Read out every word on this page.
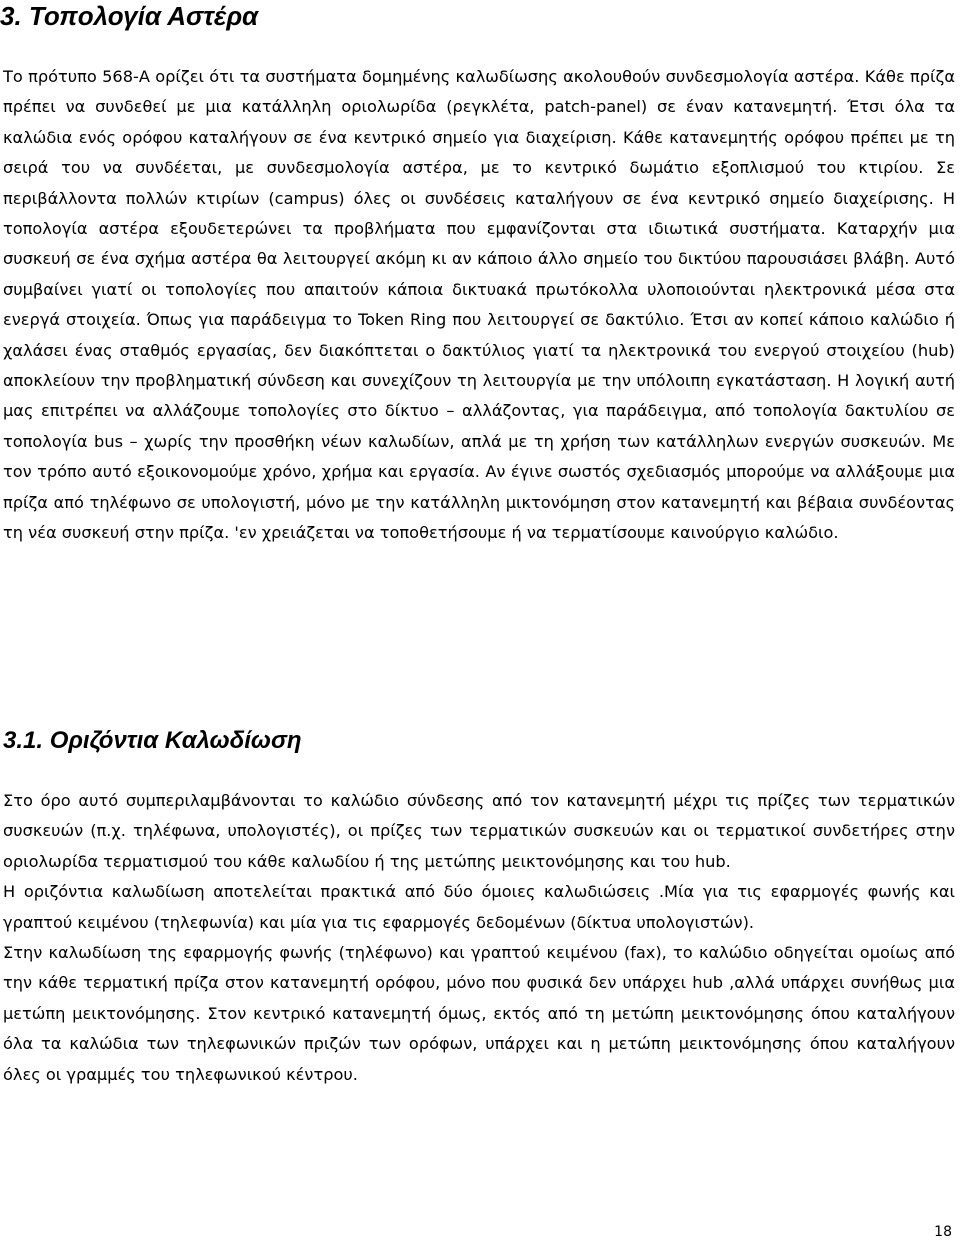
3. Τοπολογία Αστέρα

Το πρότυπο 568-Α ορίζει ότι τα συστήματα δομημένης καλωδίωσης ακολουθούν συνδεσμολογία αστέρα. Κάθε πρίζα πρέπει να συνδεθεί με μια κατάλληλη οριολωρίδα (ρεγκλέτα, patch-panel) σε έναν κατανεμητή. Έτσι όλα τα καλώδια ενός ορόφου καταλήγουν σε ένα κεντρικό σημείο για διαχείριση. Κάθε κατανεμητής ορόφου πρέπει με τη σειρά του να συνδέεται, με συνδεσμολογία αστέρα, με το κεντρικό δωμάτιο εξοπλισμού του κτιρίου. Σε περιβάλλοντα πολλών κτιρίων (campus) όλες οι συνδέσεις καταλήγουν σε ένα κεντρικό σημείο διαχείρισης. Η τοπολογία αστέρα εξουδετερώνει τα προβλήματα που εμφανίζονται στα ιδιωτικά συστήματα. Καταρχήν μια συσκευή σε ένα σχήμα αστέρα θα λειτουργεί ακόμη κι αν κάποιο άλλο σημείο του δικτύου παρουσιάσει βλάβη. Αυτό συμβαίνει γιατί οι τοπολογίες που απαιτούν κάποια δικτυακά πρωτόκολλα υλοποιούνται ηλεκτρονικά μέσα στα ενεργά στοιχεία. Όπως για παράδειγμα το Token Ring που λειτουργεί σε δακτύλιο. Έτσι αν κοπεί κάποιο καλώδιο ή χαλάσει ένας σταθμός εργασίας, δεν διακόπτεται ο δακτύλιος γιατί τα ηλεκτρονικά του ενεργού στοιχείου (hub) αποκλείουν την προβληματική σύνδεση και συνεχίζουν τη λειτουργία με την υπόλοιπη εγκατάσταση. Η λογική αυτή μας επιτρέπει να αλλάζουμε τοπολογίες στο δίκτυο – αλλάζοντας, για παράδειγμα, από τοπολογία δακτυλίου σε τοπολογία bus – χωρίς την προσθήκη νέων καλωδίων, απλά με τη χρήση των κατάλληλων ενεργών συσκευών. Με τον τρόπο αυτό εξοικονομούμε χρόνο, χρήμα και εργασία. Αν έγινε σωστός σχεδιασμός μπορούμε να αλλάξουμε μια πρίζα από τηλέφωνο σε υπολογιστή, μόνο με την κατάλληλη μικτονόμηση στον κατανεμητή και βέβαια συνδέοντας τη νέα συσκευή στην πρίζα. 'εν χρειάζεται να τοποθετήσουμε ή να τερματίσουμε καινούργιο καλώδιο.

3.1. Οριζόντια Καλωδίωση

Στο όρο αυτό συμπεριλαμβάνονται το καλώδιο σύνδεσης από τον κατανεμητή μέχρι τις πρίζες των τερματικών συσκευών (π.χ. τηλέφωνα, υπολογιστές), οι πρίζες των τερματικών συσκευών και οι τερματικοί συνδετήρες στην οριολωρίδα τερματισμού του κάθε καλωδίου ή της μετώπης μεικτονόμησης και του hub.

Η οριζόντια καλωδίωση αποτελείται πρακτικά από δύο όμοιες καλωδιώσεις .Μία για τις εφαρμογές φωνής και γραπτού κειμένου (τηλεφωνία) και μία για τις εφαρμογές δεδομένων (δίκτυα υπολογιστών).

Στην καλωδίωση της εφαρμογής φωνής (τηλέφωνο) και γραπτού κειμένου (fax), το καλώδιο οδηγείται ομοίως από την κάθε τερματική πρίζα στον κατανεμητή ορόφου, μόνο που φυσικά δεν υπάρχει hub ,αλλά υπάρχει συνήθως μια μετώπη μεικτονόμησης. Στον κεντρικό κατανεμητή όμως, εκτός από τη μετώπη μεικτονόμησης όπου καταλήγουν όλα τα καλώδια των τηλεφωνικών πριζών των ορόφων, υπάρχει και η μετώπη μεικτονόμησης όπου καταλήγουν όλες οι γραμμές του τηλεφωνικού κέντρου.

18
